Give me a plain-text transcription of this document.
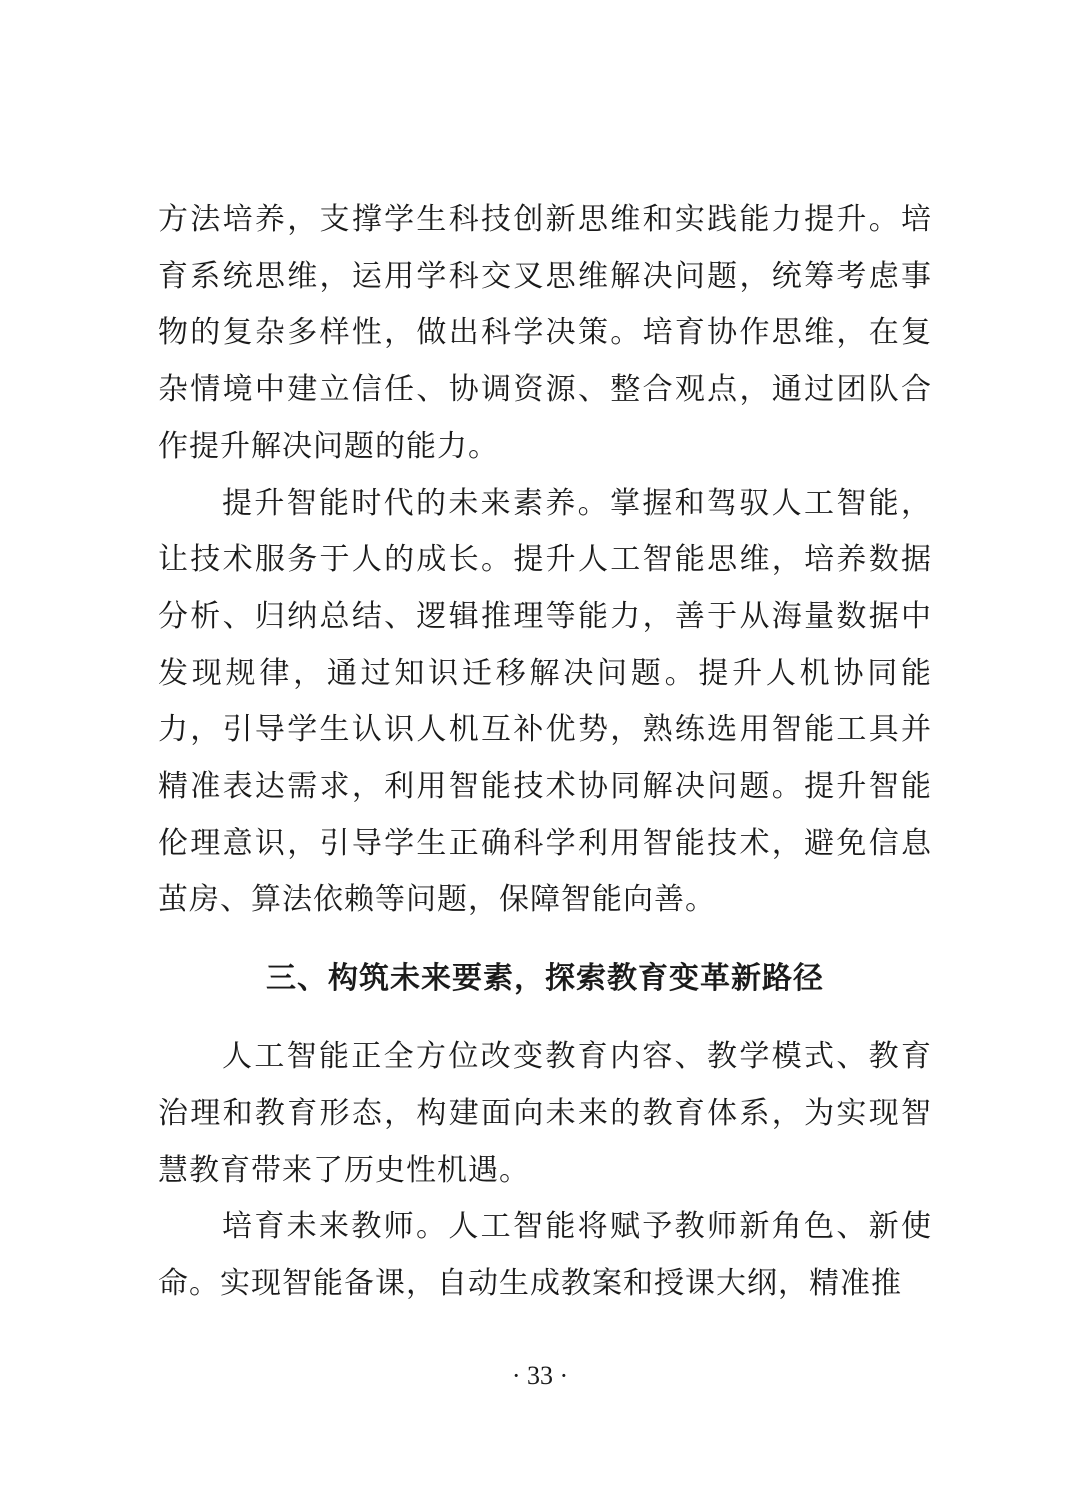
方法培养，支撑学生科技创新思维和实践能力提升。培育系统思维，运用学科交叉思维解决问题，统筹考虑事物的复杂多样性，做出科学决策。培育协作思维，在复杂情境中建立信任、协调资源、整合观点，通过团队合作提升解决问题的能力。

提升智能时代的未来素养。掌握和驾驭人工智能，让技术服务于人的成长。提升人工智能思维，培养数据分析、归纳总结、逻辑推理等能力，善于从海量数据中发现规律，通过知识迁移解决问题。提升人机协同能力，引导学生认识人机互补优势，熟练选用智能工具并精准表达需求，利用智能技术协同解决问题。提升智能伦理意识，引导学生正确科学利用智能技术，避免信息茧房、算法依赖等问题，保障智能向善。

三、构筑未来要素，探索教育变革新路径

人工智能正全方位改变教育内容、教学模式、教育治理和教育形态，构建面向未来的教育体系，为实现智慧教育带来了历史性机遇。

培育未来教师。人工智能将赋予教师新角色、新使命。实现智能备课，自动生成教案和授课大纲，精准推

· 33 ·
